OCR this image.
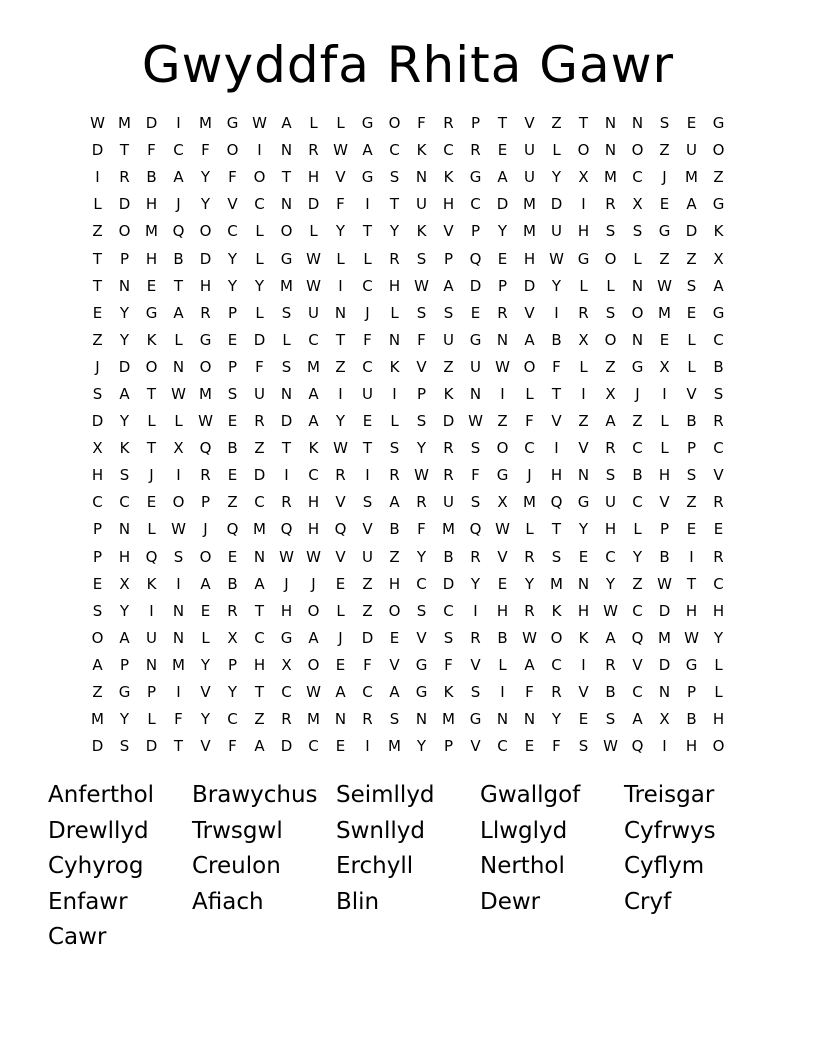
Gwyddfa Rhita Gawr
W M D	I	M G W A	L	L	G	O	F	R	P	T	V	Z	T	N	N	S	E	G
D	T	F	C	F	O	I	N	R W A	C	K	C	R	E	U	L	O	N	O	Z	U	O
I	R	B	A	Y	F	O	T	H	V	G	S	N	K	G	A	U	Y	X	M	C	J	M	Z
L	D	H	J	Y	V	C	N	D	F	I	T	U	H	C	D M D	I	R	X	E	A	G
Z	O M Q	O	C	L	O	L	Y	T	Y	K	V	P	Y	M	U	H	S	S	G	D	K
T	P	H	B	D	Y	L	G W	L	L	R	S	P	Q	E	H W G	O	L	Z	Z	X
T	N	E	T	H	Y	Y	M W	I	C	H W A	D	P	D	Y	L	L	N W S	A
E	Y	G	A	R	P	L	S	U	N	J	L	S	S	E	R	V	I	R	S	O M	E	G
Z	Y	K	L	G	E	D	L	C	T	F	N	F	U	G	N	A	B	X	O	N	E	L	C
J	D	O	N	O	P	F	S	M	Z	C	K	V	Z	U W O	F	L	Z	G	X	L	B
S	A	T	W M	S	U	N	A	I	U	I	P	K	N	I	L	T	I	X	J	I	V	S
D	Y	L	L	W E	R	D	A	Y	E	L	S	D W Z	F	V	Z	A	Z	L	B	R
X	K	T	X	Q	B	Z	T	K W T	S	Y	R	S	O	C	I	V	R	C	L	P	C
H	S	J	I	R	E	D	I	C	R	I	R W R	F	G	J	H	N	S	B	H	S	V
C	C	E	O	P	Z	C	R	H	V	S	A	R	U	S	X	M Q	G	U	C	V	Z	R
P	N	L	W	J	Q M Q	H	Q	V	B	F	M Q W	L	T	Y	H	L	P	E	E
P	H	Q	S	O	E	N W W V	U	Z	Y	B	R	V	R	S	E	C	Y	B	I	R
E	X	K	I	A	B	A	J	J	E	Z	H	C	D	Y	E	Y	M N	Y	Z W T	C
S	Y	I	N	E	R	T	H	O	L	Z	O	S	C	I	H	R	K	H W C	D	H	H
O	A	U	N	L	X	C	G	A	J	D	E	V	S	R	B W O	K	A	Q M W Y
A	P	N M	Y	P	H	X	O	E	F	V	G	F	V	L	A	C	I	R	V	D	G	L
Z	G	P	I	V	Y	T	C W A	C	A	G	K	S	I	F	R	V	B	C	N	P	L
M	Y	L	F	Y	C	Z	R	M N	R	S	N M G	N	N	Y	E	S	A	X	B	H
D	S	D	T	V	F	A	D	C	E	I	M	Y	P	V	C	E	F	S W Q	I	H	O
Anferthol	Brawychus Seimllyd	Gwallgof	Treisgar
Drewllyd	Trwsgwl	Swnllyd	Llwglyd	Cyfrwys
Cyhyrog	Creulon	Erchyll	Nerthol	Cyflym
Enfawr	Afiach	Blin	Dewr	Cryf
Cawr
